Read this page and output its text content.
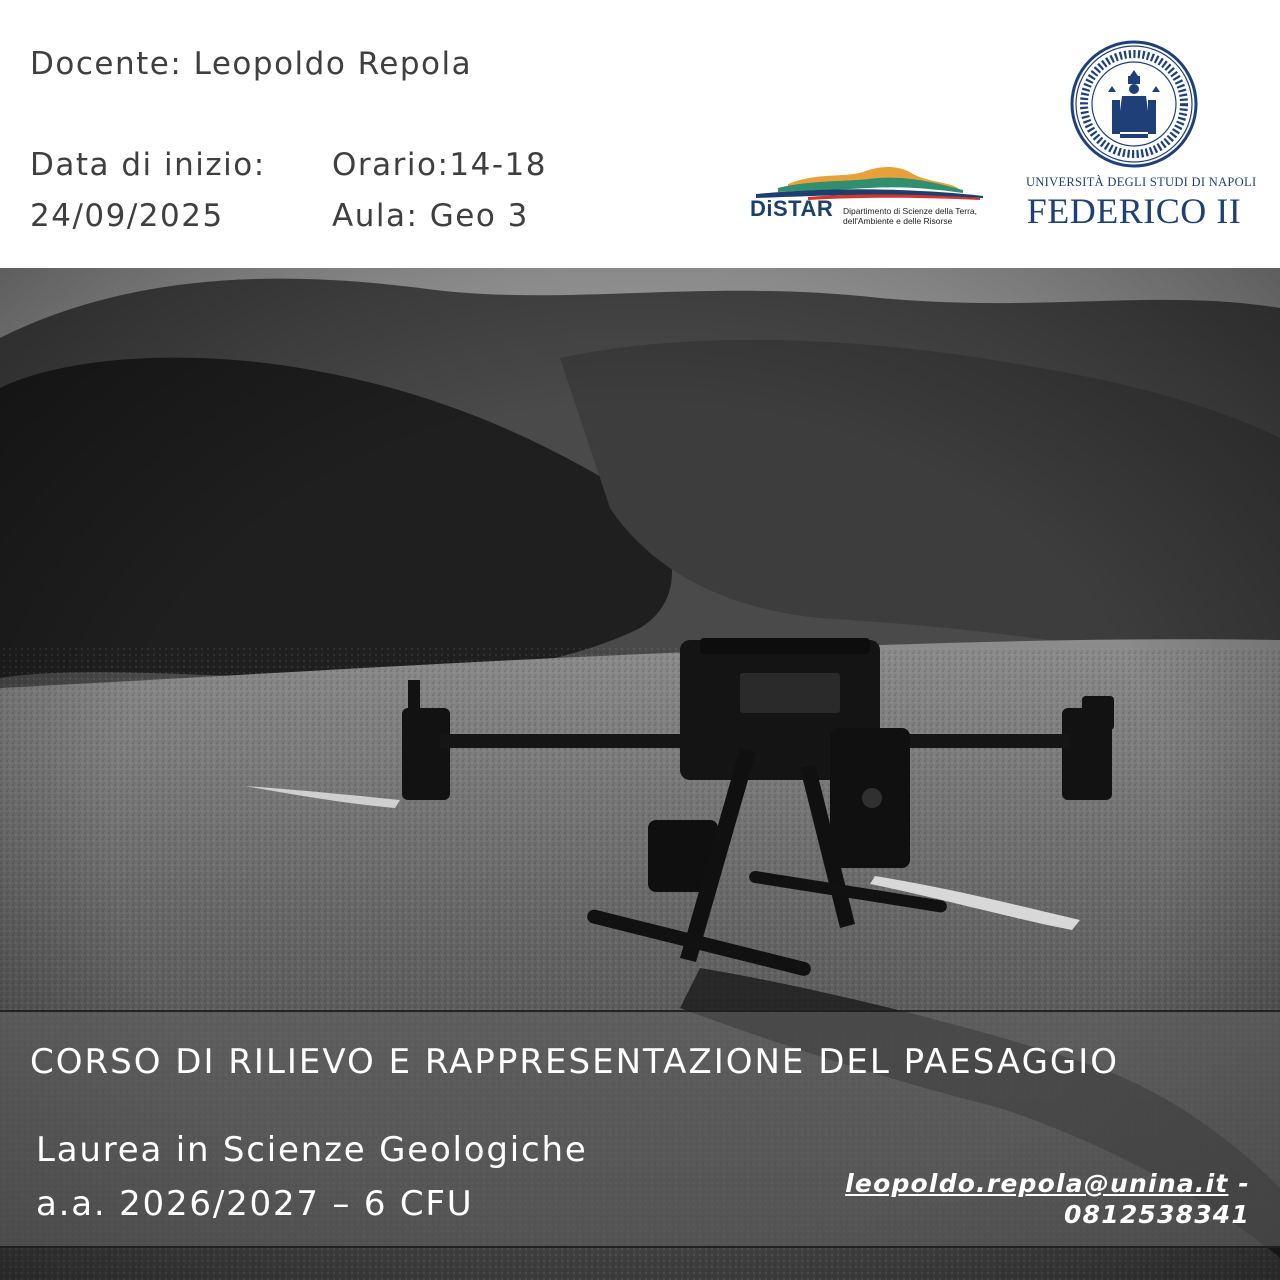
Docente: Leopoldo Repola
Data di inizio:
24/09/2025
Orario:14-18
Aula: Geo 3	DiSTAR Dipartimento di Scienze della Terra,
dell'Ambiente e delle Risorse
UNIVERSITÀ DEGLI STUDI DI NAPOLI
FEDERICO II
CORSO DI RILIEVO E RAPPRESENTAZIONE DEL PAESAGGIO
Laurea in Scienze Geologiche
a.a. 2026/2027 – 6 CFU
leopoldo.repola@unina.it -
0812538341
